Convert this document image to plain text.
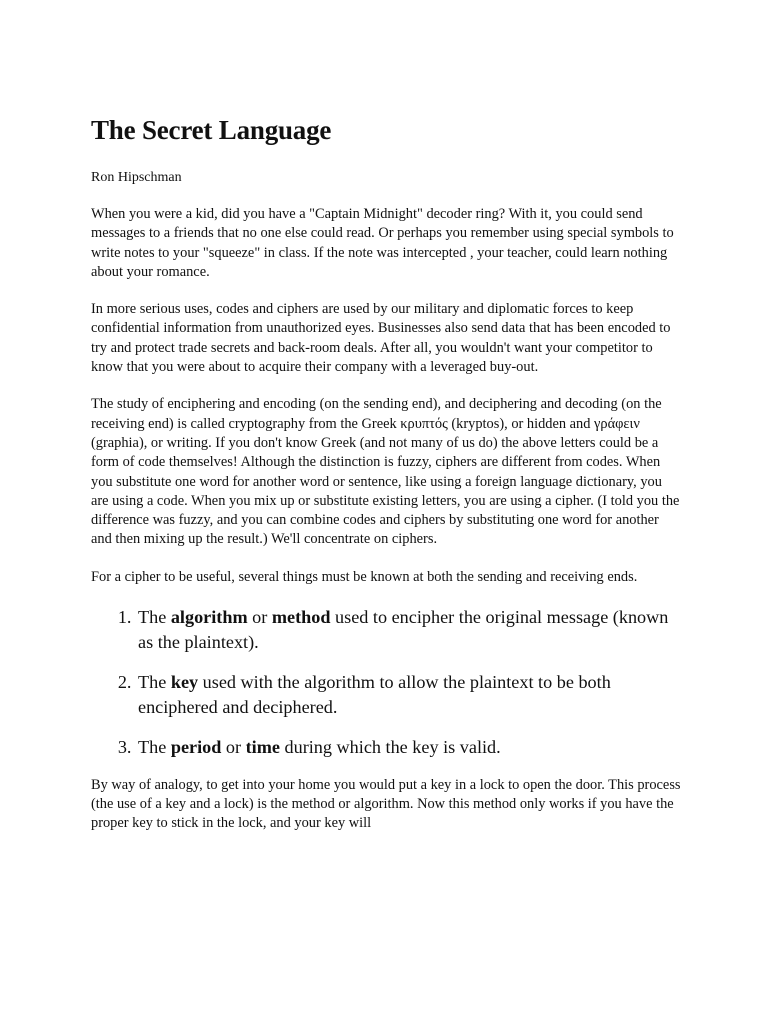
The Secret Language

Ron Hipschman

When you were a kid, did you have a "Captain Midnight" decoder ring? With it, you could send messages to a friends that no one else could read. Or perhaps you remember using special symbols to write notes to your "squeeze" in class. If the note was intercepted , your teacher, could learn nothing about your romance.

In more serious uses, codes and ciphers are used by our military and diplomatic forces to keep confidential information from unauthorized eyes. Businesses also send data that has been encoded to try and protect trade secrets and back-room deals. After all, you wouldn't want your competitor to know that you were about to acquire their company with a leveraged buy-out.

The study of enciphering and encoding (on the sending end), and deciphering and decoding (on the receiving end) is called cryptography from the Greek κρυπτός (kryptos), or hidden and γράφειν (graphia), or writing. If you don't know Greek (and not many of us do) the above letters could be a form of code themselves! Although the distinction is fuzzy, ciphers are different from codes. When you substitute one word for another word or sentence, like using a foreign language dictionary, you are using a code. When you mix up or substitute existing letters, you are using a cipher. (I told you the difference was fuzzy, and you can combine codes and ciphers by substituting one word for another and then mixing up the result.) We'll concentrate on ciphers.

For a cipher to be useful, several things must be known at both the sending and receiving ends.

1. The algorithm or method used to encipher the original message (known as the plaintext).
2. The key used with the algorithm to allow the plaintext to be both enciphered and deciphered.
3. The period or time during which the key is valid.

By way of analogy, to get into your home you would put a key in a lock to open the door. This process (the use of a key and a lock) is the method or algorithm. Now this method only works if you have the proper key to stick in the lock, and your key will
